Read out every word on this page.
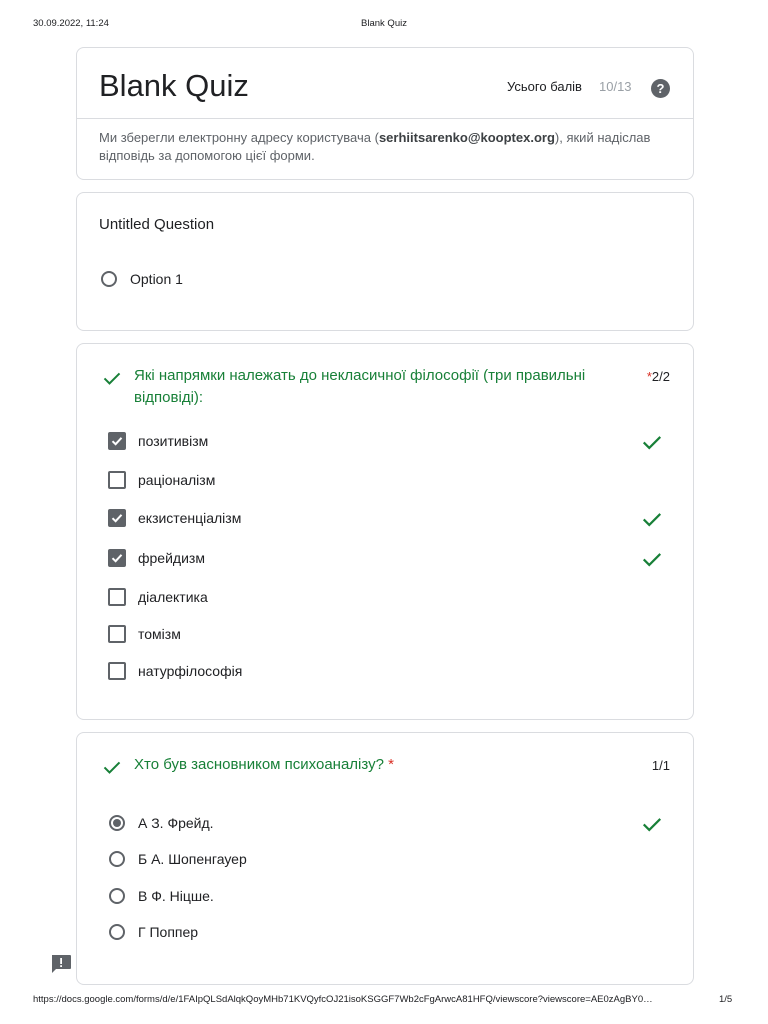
30.09.2022, 11:24	Blank Quiz
Blank Quiz	Усього балів 10/13	?
Ми зберегли електронну адресу користувача (serhiitsarenko@kooptex.org), який надіслав відповідь за допомогою цієї форми.
Untitled Question
Option 1
Які напрямки належать до некласичної філософії (три правильні відповіді):
*2/2
позитивізм
раціоналізм
екзистенціалізм
фрейдизм
діалектика
томізм
натурфілософія
Хто був засновником психоаналізу? *	1/1
А З. Фрейд.
Б А. Шопенгауер
В Ф. Ніцше.
Г Поппер
https://docs.google.com/forms/d/e/1FAIpQLSdAlqkQoyMHb71KVQyfcOJ21isoKSGGF7Wb2cFgArwcA81HFQ/viewscore?viewscore=AE0zAgBY0…	1/5
